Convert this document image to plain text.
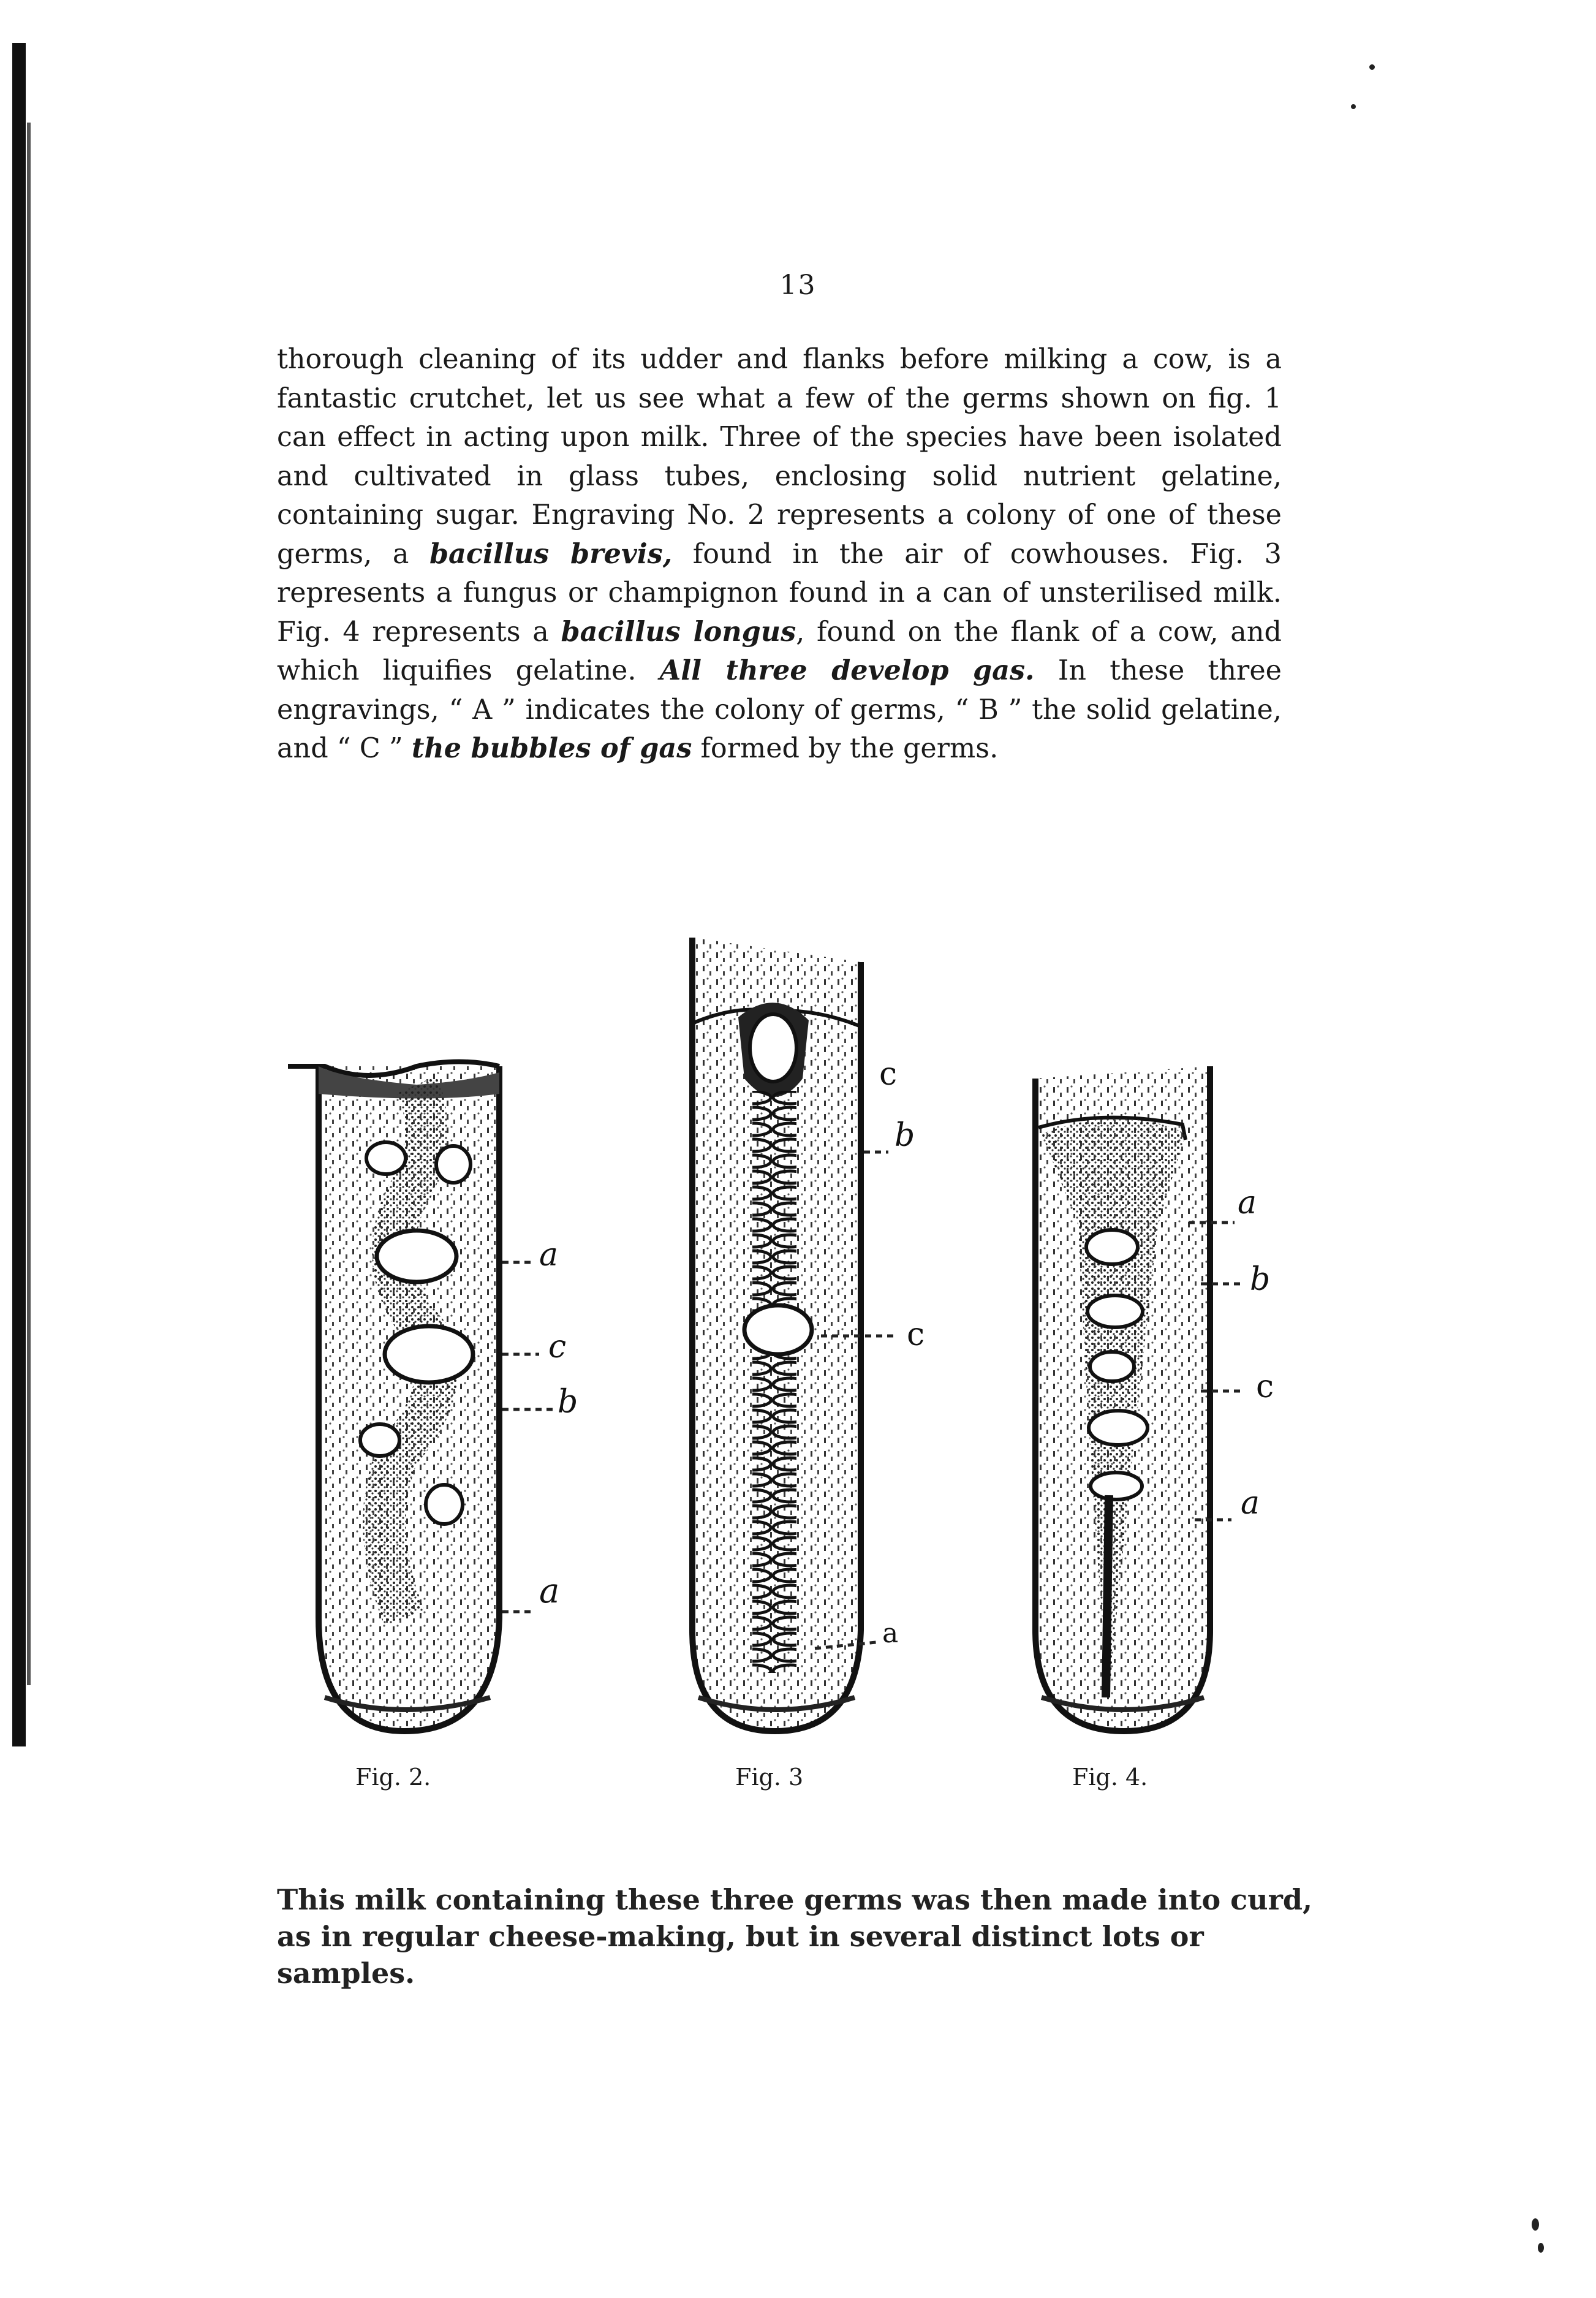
13
thorough cleaning of its udder and flanks before milking a cow, is a fantastic crutchet, let us see what a few of the germs shown on fig. 1 can effect in acting upon milk. Three of the species have been isolated and cultivated in glass tubes, enclosing solid nutrient gelatine, containing sugar. Engraving No. 2 represents a colony of one of these germs, a bacillus brevis, found in the air of cowhouses. Fig. 3 represents a fungus or champignon found in a can of unsterilised milk. Fig. 4 represents a bacillus longus, found on the flank of a cow, and which liquifies gelatine. All three develop gas. In these three engravings, “ A ” indicates the colony of germs, “ B ” the solid gelatine, and “ C ” the bubbles of gas formed by the germs.
a
c
b
a
c
b
c
a
a
b
c
a
Fig. 2.	Fig. 3	Fig. 4.
This milk containing these three germs was then made into curd, as in regular cheese-making, but in several distinct lots or samples.
